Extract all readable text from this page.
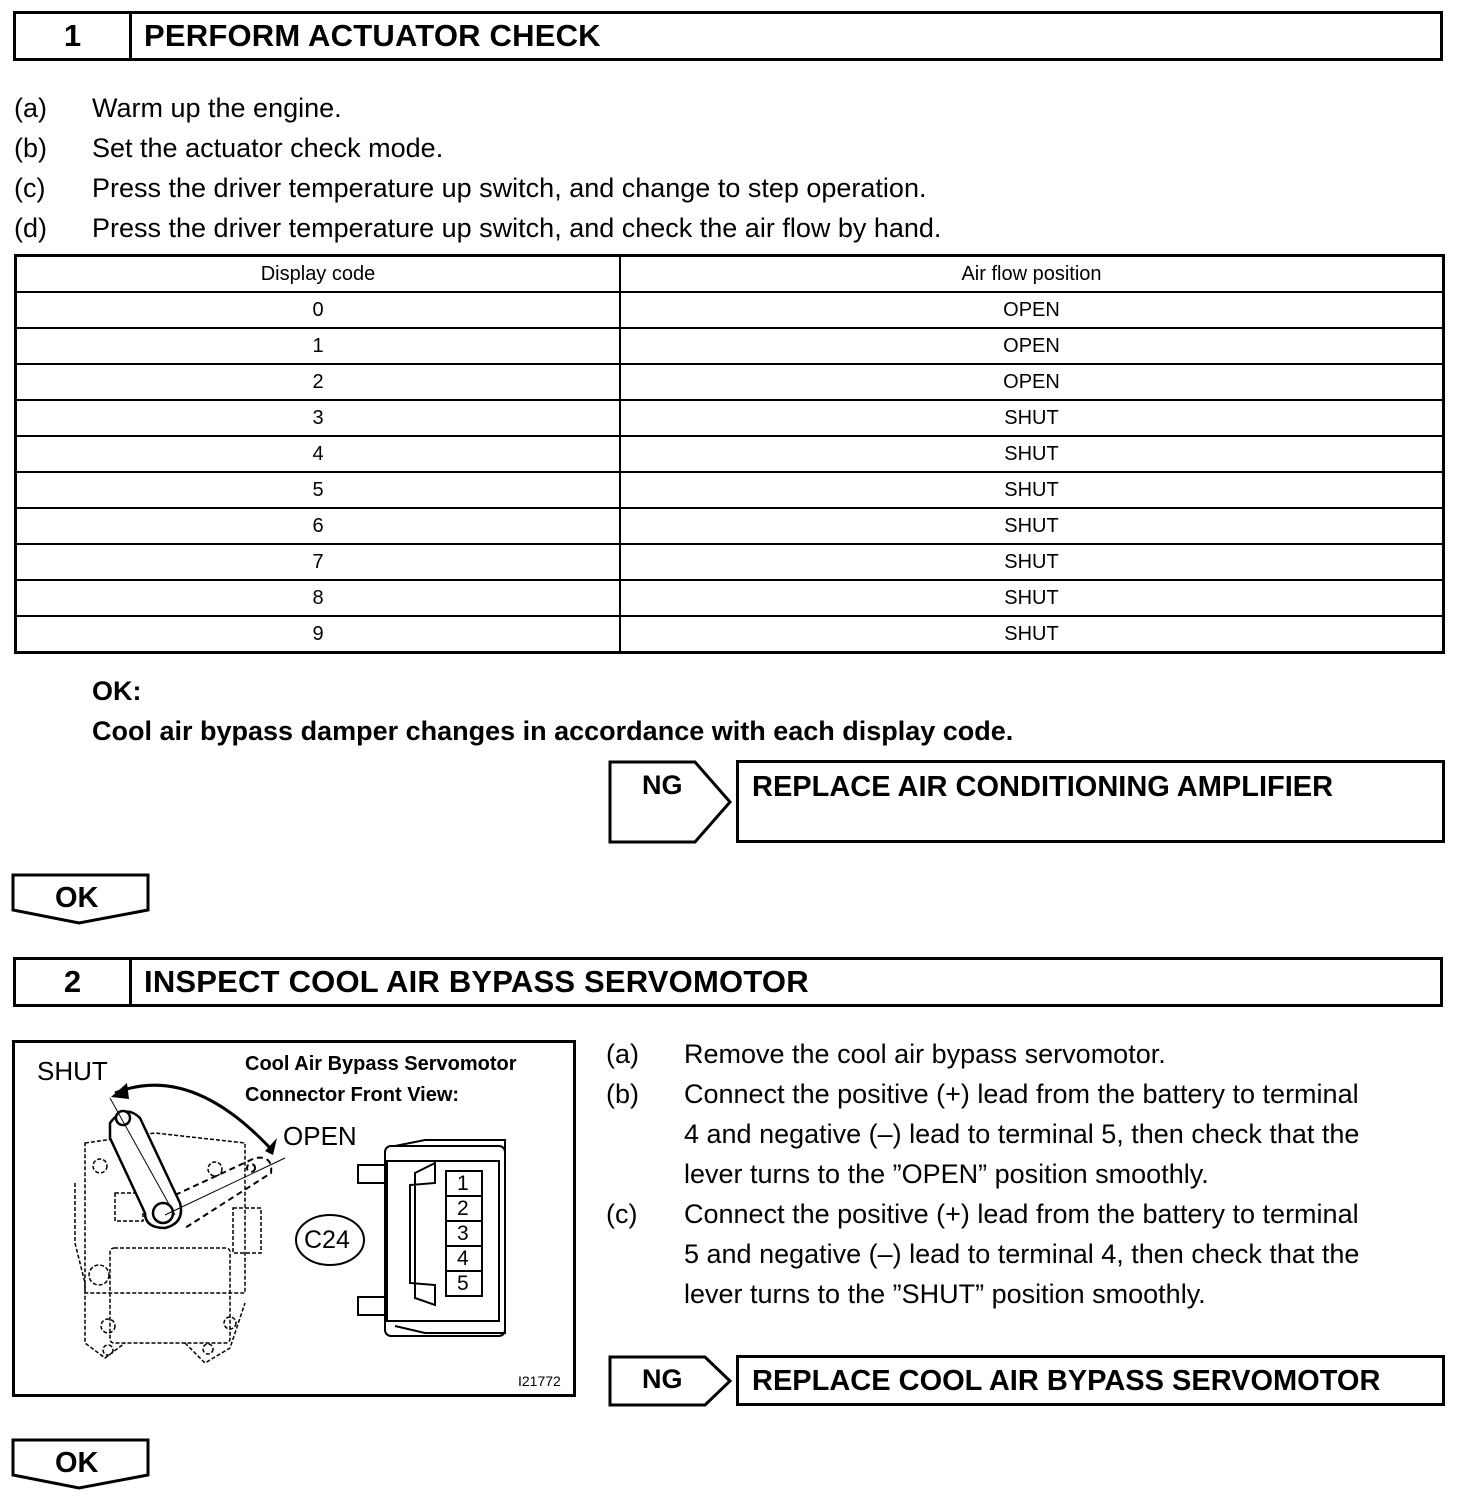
1	PERFORM ACTUATOR CHECK
(a) Warm up the engine.
(b) Set the actuator check mode.
(c) Press the driver temperature up switch, and change to step operation.
(d) Press the driver temperature up switch, and check the air flow by hand.
Display code	Air flow position
0	OPEN
1	OPEN
2	OPEN
3	SHUT
4	SHUT
5	SHUT
6	SHUT
7	SHUT
8	SHUT
9	SHUT
OK:
Cool air bypass damper changes in accordance with each display code.
NG	REPLACE AIR CONDITIONING AMPLIFIER
OK
2	INSPECT COOL AIR BYPASS SERVOMOTOR
SHUT
OPEN
Cool Air Bypass Servomotor
Connector Front View:
C24
1
2
3
4
5
I21772
(a) Remove the cool air bypass servomotor.
(b) Connect the positive (+) lead from the battery to terminal
4 and negative (–) lead to terminal 5, then check that the
lever turns to the ”OPEN” position smoothly.
(c) Connect the positive (+) lead from the battery to terminal
5 and negative (–) lead to terminal 4, then check that the
lever turns to the ”SHUT” position smoothly.
NG	REPLACE COOL AIR BYPASS SERVOMOTOR
OK
